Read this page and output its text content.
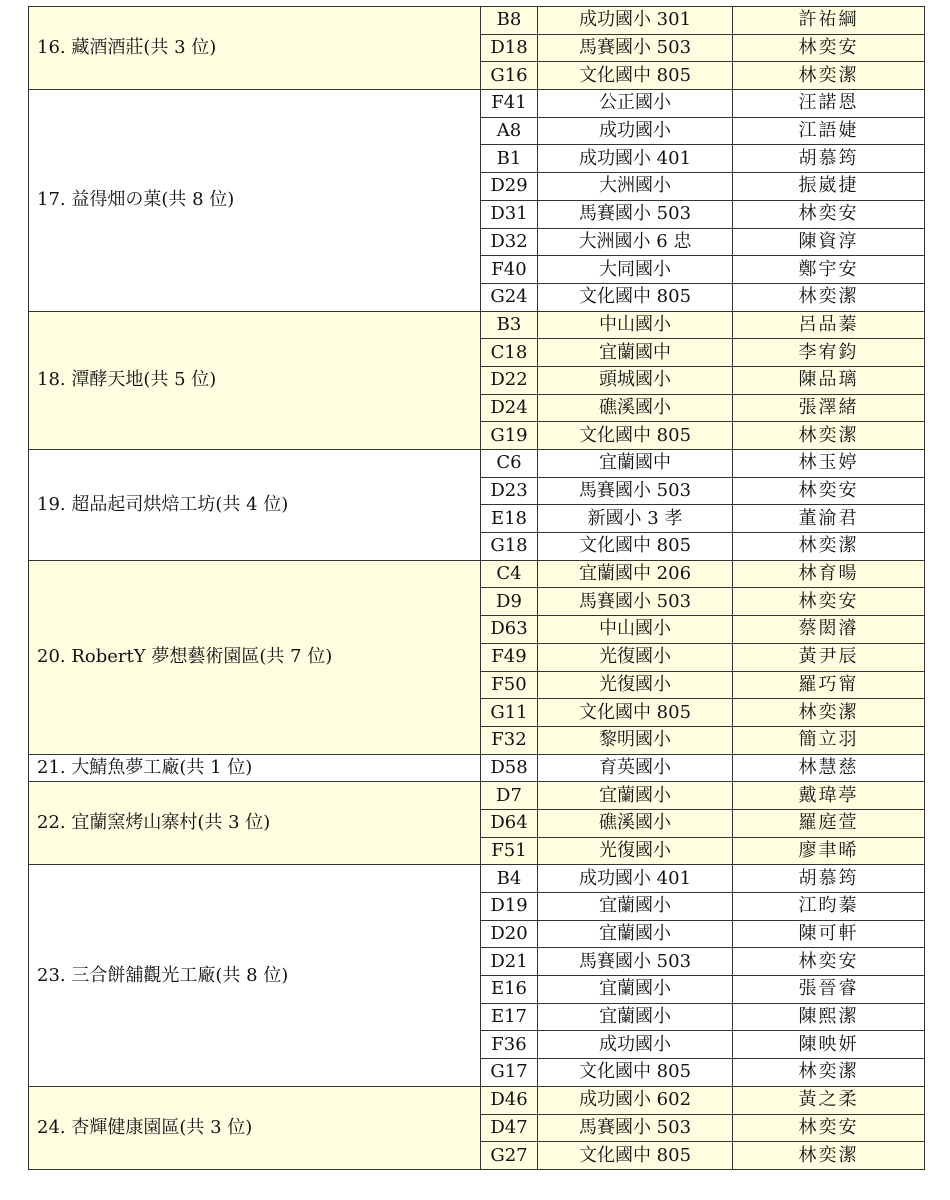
16. 藏酒酒莊(共 3 位)	B8	成功國小 301	許祐綱
	D18	馬賽國小 503	林奕安
	G16	文化國中 805	林奕潔
17. 益得畑の菓(共 8 位)	F41	公正國小	汪諾恩
	A8	成功國小	江語婕
	B1	成功國小 401	胡慕筠
	D29	大洲國小	振崴捷
	D31	馬賽國小 503	林奕安
	D32	大洲國小 6 忠	陳資淳
	F40	大同國小	鄭宇安
	G24	文化國中 805	林奕潔
18. 潭酵天地(共 5 位)	B3	中山國小	呂品蓁
	C18	宜蘭國中	李宥鈞
	D22	頭城國小	陳品璃
	D24	礁溪國小	張澤緒
	G19	文化國中 805	林奕潔
19. 超品起司烘焙工坊(共 4 位)	C6	宜蘭國中	林玉婷
	D23	馬賽國小 503	林奕安
	E18	新國小 3 孝	董渝君
	G18	文化國中 805	林奕潔
20. RobertY 夢想藝術園區(共 7 位)	C4	宜蘭國中 206	林育暘
	D9	馬賽國小 503	林奕安
	D63	中山國小	蔡閎濬
	F49	光復國小	黃尹辰
	F50	光復國小	羅巧甯
	G11	文化國中 805	林奕潔
	F32	黎明國小	簡立羽
21. 大鯖魚夢工廠(共 1 位)	D58	育英國小	林慧慈
22. 宜蘭窯烤山寨村(共 3 位)	D7	宜蘭國小	戴瑋葶
	D64	礁溪國小	羅庭萱
	F51	光復國小	廖聿晞
23. 三合餅舖觀光工廠(共 8 位)	B4	成功國小 401	胡慕筠
	D19	宜蘭國小	江昀蓁
	D20	宜蘭國小	陳可軒
	D21	馬賽國小 503	林奕安
	E16	宜蘭國小	張晉睿
	E17	宜蘭國小	陳熙潔
	F36	成功國小	陳映妍
	G17	文化國中 805	林奕潔
24. 杏輝健康園區(共 3 位)	D46	成功國小 602	黃之柔
	D47	馬賽國小 503	林奕安
	G27	文化國中 805	林奕潔
